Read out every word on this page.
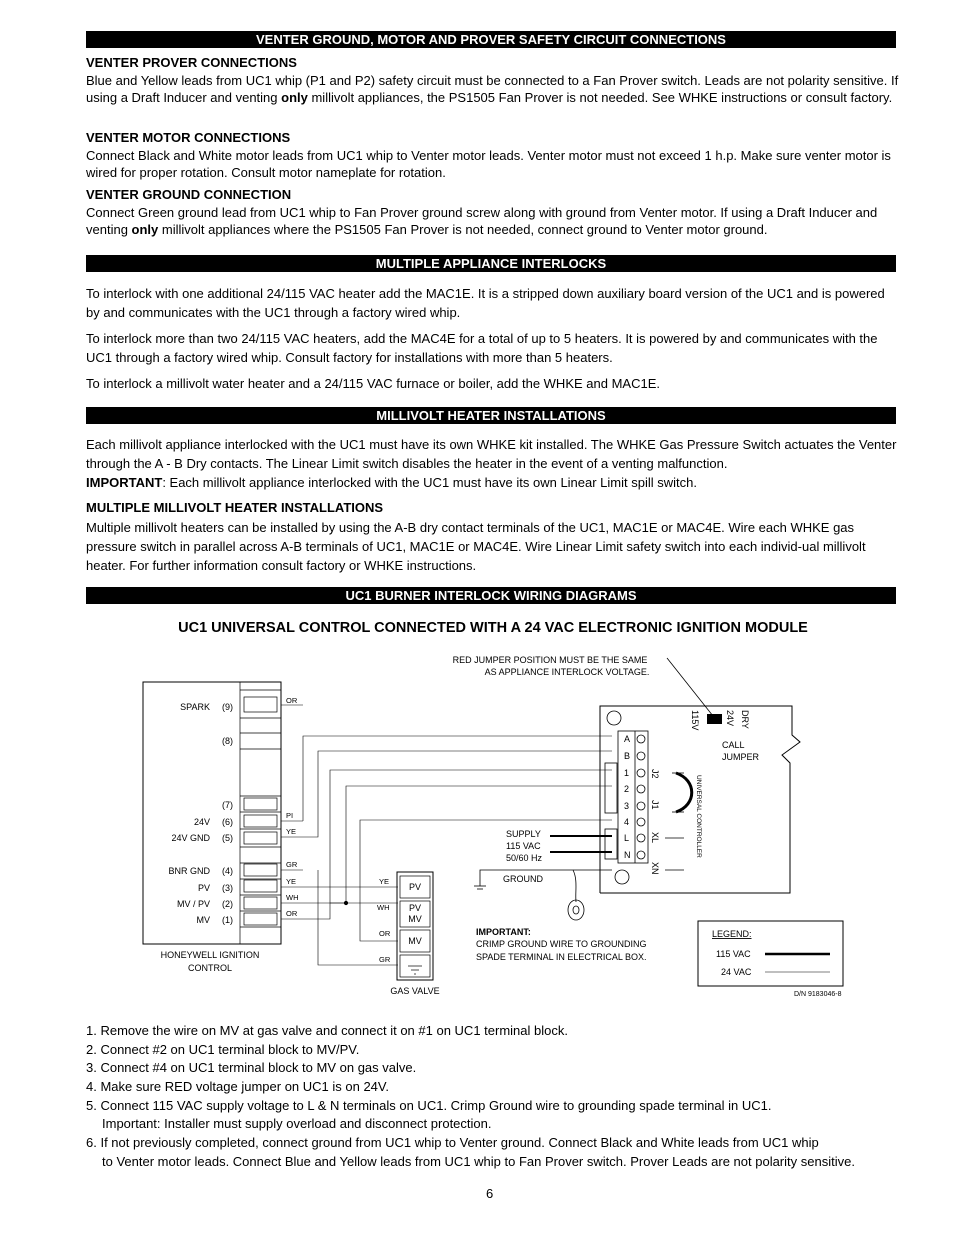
VENTER GROUND, MOTOR AND PROVER SAFETY CIRCUIT CONNECTIONS
VENTER PROVER CONNECTIONS
Blue and Yellow leads from UC1 whip (P1 and P2) safety circuit must be connected to a Fan Prover switch. Leads are not polarity sensitive. If using a Draft Inducer and venting only millivolt appliances, the PS1505 Fan Prover is not needed. See WHKE instructions or consult factory.
VENTER MOTOR CONNECTIONS
Connect Black and White motor leads from UC1 whip to Venter motor leads. Venter motor must not exceed 1 h.p. Make sure venter motor is wired for proper rotation. Consult motor nameplate for rotation.
VENTER GROUND CONNECTION
Connect Green ground lead from UC1 whip to Fan Prover ground screw along with ground from Venter motor. If using a Draft Inducer and venting only millivolt appliances where the PS1505 Fan Prover is not needed, connect ground to Venter motor ground.
MULTIPLE APPLIANCE INTERLOCKS
To interlock with one additional 24/115 VAC heater add the MAC1E. It is a stripped down auxiliary board version of the UC1 and is powered by and communicates with the UC1 through a factory wired whip.
To interlock more than two 24/115 VAC heaters, add the MAC4E for a total of up to 5 heaters. It is powered by and communicates with the UC1 through a factory wired whip. Consult factory for installations with more than 5 heaters.
To interlock a millivolt water heater and a 24/115 VAC furnace or boiler, add the WHKE and MAC1E.
MILLIVOLT HEATER INSTALLATIONS
Each millivolt appliance interlocked with the UC1 must have its own WHKE kit installed. The WHKE Gas Pressure Switch actuates the Venter through the A - B Dry contacts. The Linear Limit switch disables the heater in the event of a venting malfunction.
IMPORTANT: Each millivolt appliance interlocked with the UC1 must have its own Linear Limit spill switch.
MULTIPLE MILLIVOLT HEATER INSTALLATIONS
Multiple millivolt heaters can be installed by using the A-B dry contact terminals of the UC1, MAC1E or MAC4E. Wire each WHKE gas pressure switch in parallel across A-B terminals of UC1, MAC1E or MAC4E. Wire Linear Limit safety switch into each individ-ual millivolt heater. For further information consult factory or WHKE instructions.
UC1 BURNER INTERLOCK WIRING DIAGRAMS
UC1 UNIVERSAL CONTROL CONNECTED WITH A 24 VAC ELECTRONIC IGNITION MODULE
RED JUMPER POSITION MUST BE THE SAME
AS APPLIANCE INTERLOCK VOLTAGE.
SPARK (9)
(8)
(7)
24V (6)
24V GND (5)
BNR GND (4)
PV (3)
MV / PV (2)
MV (1)
HONEYWELL IGNITION
CONTROL
OR
PI
YE
GR
YE
WH
OR
PV
PV
MV
MV
YE
WH
OR
GR
GAS VALVE
A
B
1
2
3
4
L
N
J2
J1
XL
XN
115V	24V DRY
UNIVERSAL CONTROLLER
CALL
JUMPER
SUPPLY
115 VAC
50/60 Hz
GROUND
IMPORTANT:
CRIMP GROUND WIRE TO GROUNDING
SPADE TERMINAL IN ELECTRICAL BOX.
LEGEND:
115 VAC
24 VAC
D/N 9183046-8
1. Remove the wire on MV at gas valve and connect it on #1 on UC1 terminal block.
2. Connect #2 on UC1 terminal block to MV/PV.
3. Connect #4 on UC1 terminal block to MV on gas valve.
4. Make sure RED voltage jumper on UC1 is on 24V.
5. Connect 115 VAC supply voltage to L & N terminals on UC1. Crimp Ground wire to grounding spade terminal in UC1.
Important: Installer must supply overload and disconnect protection.
6. If not previously completed, connect ground from UC1 whip to Venter ground. Connect Black and White leads from UC1 whip
to Venter motor leads. Connect Blue and Yellow leads from UC1 whip to Fan Prover switch. Prover Leads are not polarity sensitive.
6
